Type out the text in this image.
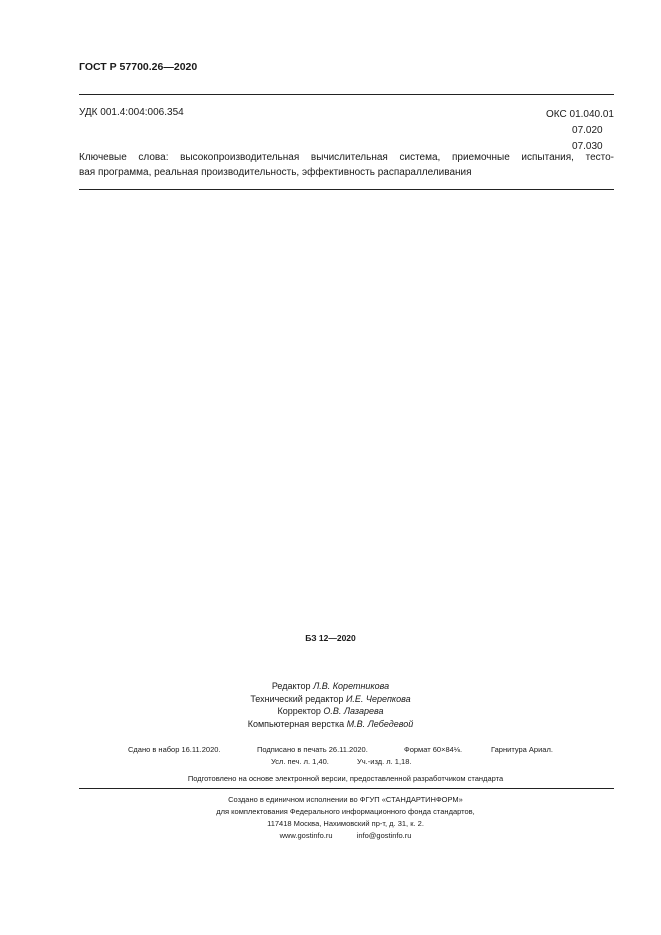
ГОСТ Р 57700.26—2020
УДК 001.4:004:006.354	ОКС 01.040.01
07.020
07.030
Ключевые слова: высокопроизводительная вычислительная система, приемочные испытания, тесто-
вая программа, реальная производительность, эффективность распараллеливания
БЗ 12—2020
Редактор Л.В. Коретникова
Технический редактор И.Е. Черепкова
Корректор О.В. Лазарева
Компьютерная верстка М.В. Лебедевой
Сдано в набор 16.11.2020.	Подписано в печать 26.11.2020.	Формат 60×84⅛.	Гарнитура Ариал.
Усл. печ. л. 1,40.	Уч.-изд. л. 1,18.
Подготовлено на основе электронной версии, предоставленной разработчиком стандарта
Создано в единичном исполнении во ФГУП «СТАНДАРТИНФОРМ»
для комплектования Федерального информационного фонда стандартов,
117418 Москва, Нахимовский пр-т, д. 31, к. 2.
www.gostinfo.ru	info@gostinfo.ru
